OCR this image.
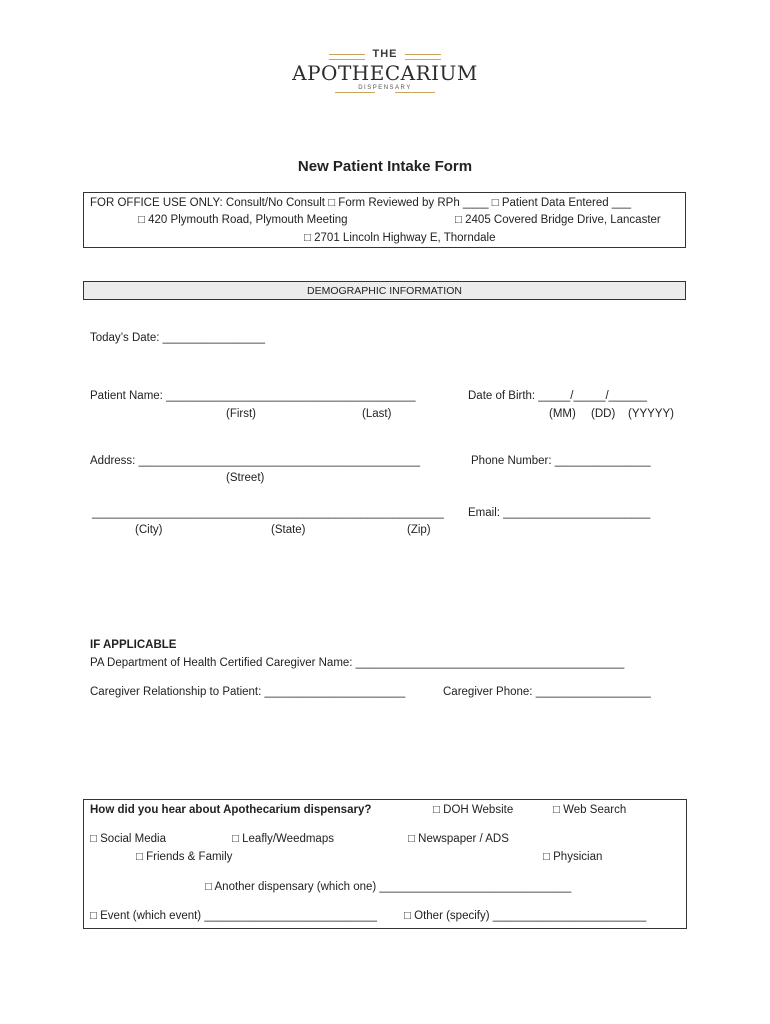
THE
APOTHECARIUM
DISPENSARY
New Patient Intake Form
FOR OFFICE USE ONLY: Consult/No Consult □ Form Reviewed by RPh ____ □ Patient Data Entered ___
□ 420 Plymouth Road, Plymouth Meeting	□ 2405 Covered Bridge Drive, Lancaster
□ 2701 Lincoln Highway E, Thorndale
DEMOGRAPHIC INFORMATION
Today’s Date: ________________
Patient Name: _______________________________________
(First)	(Last)
Date of Birth: _____/_____/______
(MM) (DD) (YYYYY)
Address: ____________________________________________
(Street)
Phone Number: _______________
_______________________________________________________
(City)	(State)	(Zip)
Email: _______________________
IF APPLICABLE
PA Department of Health Certified Caregiver Name: __________________________________________
Caregiver Relationship to Patient: ______________________	Caregiver Phone: __________________
How did you hear about Apothecarium dispensary?	□ DOH Website	□ Web Search
□ Social Media	□ Leafly/Weedmaps	□ Newspaper / ADS
□ Friends & Family	□ Physician
□ Another dispensary (which one) ______________________________
□ Event (which event) ___________________________ □ Other (specify) ________________________
